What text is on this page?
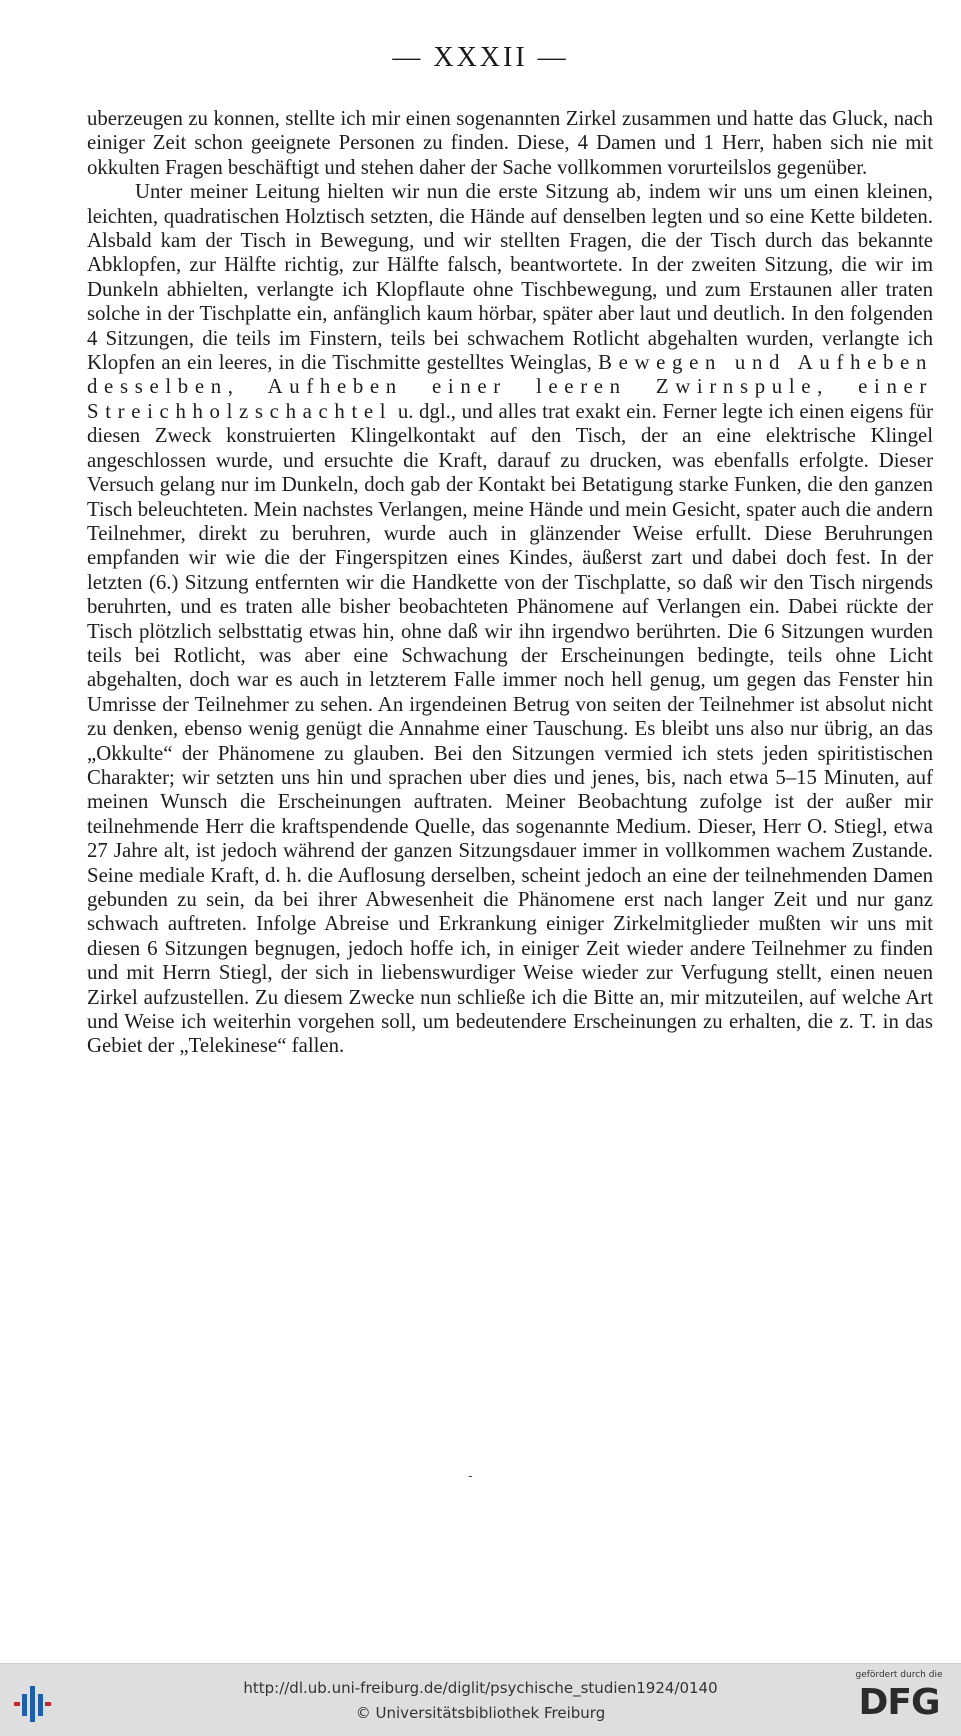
— XXXII —

uberzeugen zu konnen, stellte ich mir einen sogenannten Zirkel zusammen und hatte das Gluck, nach einiger Zeit schon geeignete Personen zu finden. Diese, 4 Damen und 1 Herr, haben sich nie mit okkulten Fragen beschäftigt und stehen daher der Sache vollkommen vorurteilslos gegenüber.

Unter meiner Leitung hielten wir nun die erste Sitzung ab, indem wir uns um einen kleinen, leichten, quadratischen Holztisch setzten, die Hände auf denselben legten und so eine Kette bildeten. Alsbald kam der Tisch in Bewegung, und wir stellten Fragen, die der Tisch durch das bekannte Abklopfen, zur Hälfte richtig, zur Hälfte falsch, beantwortete. In der zweiten Sitzung, die wir im Dunkeln abhielten, verlangte ich Klopflaute ohne Tischbewegung, und zum Erstaunen aller traten solche in der Tischplatte ein, anfänglich kaum hörbar, später aber laut und deutlich. In den folgenden 4 Sitzungen, die teils im Finstern, teils bei schwachem Rotlicht abgehalten wurden, verlangte ich Klopfen an ein leeres, in die Tischmitte gestelltes Weinglas, Bewegen und Aufheben desselben, Aufheben einer leeren Zwirnspule, einer Streichholzschachtel u. dgl., und alles trat exakt ein. Ferner legte ich einen eigens für diesen Zweck konstruierten Klingelkontakt auf den Tisch, der an eine elektrische Klingel angeschlossen wurde, und ersuchte die Kraft, darauf zu drucken, was ebenfalls erfolgte. Dieser Versuch gelang nur im Dunkeln, doch gab der Kontakt bei Betatigung starke Funken, die den ganzen Tisch beleuchteten. Mein nachstes Verlangen, meine Hände und mein Gesicht, spater auch die andern Teilnehmer, direkt zu beruhren, wurde auch in glänzender Weise erfullt. Diese Beruhrungen empfanden wir wie die der Fingerspitzen eines Kindes, äußerst zart und dabei doch fest. In der letzten (6.) Sitzung entfernten wir die Handkette von der Tischplatte, so daß wir den Tisch nirgends beruhrten, und es traten alle bisher beobachteten Phänomene auf Verlangen ein. Dabei rückte der Tisch plötzlich selbsttatig etwas hin, ohne daß wir ihn irgendwo berührten. Die 6 Sitzungen wurden teils bei Rotlicht, was aber eine Schwachung der Erscheinungen bedingte, teils ohne Licht abgehalten, doch war es auch in letzterem Falle immer noch hell genug, um gegen das Fenster hin Umrisse der Teilnehmer zu sehen. An irgendeinen Betrug von seiten der Teilnehmer ist absolut nicht zu denken, ebenso wenig genügt die Annahme einer Tauschung. Es bleibt uns also nur übrig, an das „Okkulte“ der Phänomene zu glauben. Bei den Sitzungen vermied ich stets jeden spiritistischen Charakter; wir setzten uns hin und sprachen uber dies und jenes, bis, nach etwa 5–15 Minuten, auf meinen Wunsch die Erscheinungen auftraten. Meiner Beobachtung zufolge ist der außer mir teilnehmende Herr die kraftspendende Quelle, das sogenannte Medium. Dieser, Herr O. Stiegl, etwa 27 Jahre alt, ist jedoch während der ganzen Sitzungsdauer immer in vollkommen wachem Zustande. Seine mediale Kraft, d. h. die Auflosung derselben, scheint jedoch an eine der teilnehmenden Damen gebunden zu sein, da bei ihrer Abwesenheit die Phänomene erst nach langer Zeit und nur ganz schwach auftreten. Infolge Abreise und Erkrankung einiger Zirkelmitglieder mußten wir uns mit diesen 6 Sitzungen begnugen, jedoch hoffe ich, in einiger Zeit wieder andere Teilnehmer zu finden und mit Herrn Stiegl, der sich in liebenswurdiger Weise wieder zur Verfugung stellt, einen neuen Zirkel aufzustellen. Zu diesem Zwecke nun schließe ich die Bitte an, mir mitzuteilen, auf welche Art und Weise ich weiterhin vorgehen soll, um bedeutendere Erscheinungen zu erhalten, die z. T. in das Gebiet der „Telekinese“ fallen.

-
http://dl.ub.uni-freiburg.de/diglit/psychische_studien1924/0140
© Universitätsbibliothek Freiburg
gefördert durch die
DFG
